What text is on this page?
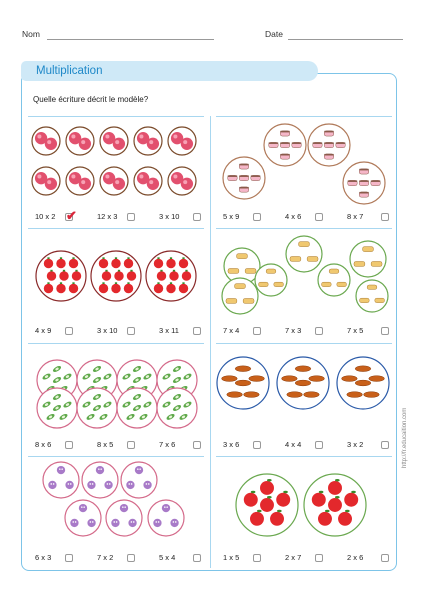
Nom	Date
Multiplication
Quelle écriture décrit le modèle?
10 x 2 ✔	12 x 3	3 x 10	5 x 9	4 x 6	8 x 7
4 x 9	3 x 10	3 x 11	7 x 4	7 x 3	7 x 5
8 x 6	8 x 5	7 x 6	3 x 6	4 x 4	3 x 2
6 x 3	7 x 2	5 x 4	1 x 5	2 x 7	2 x 6
http://fr.educaition.com
